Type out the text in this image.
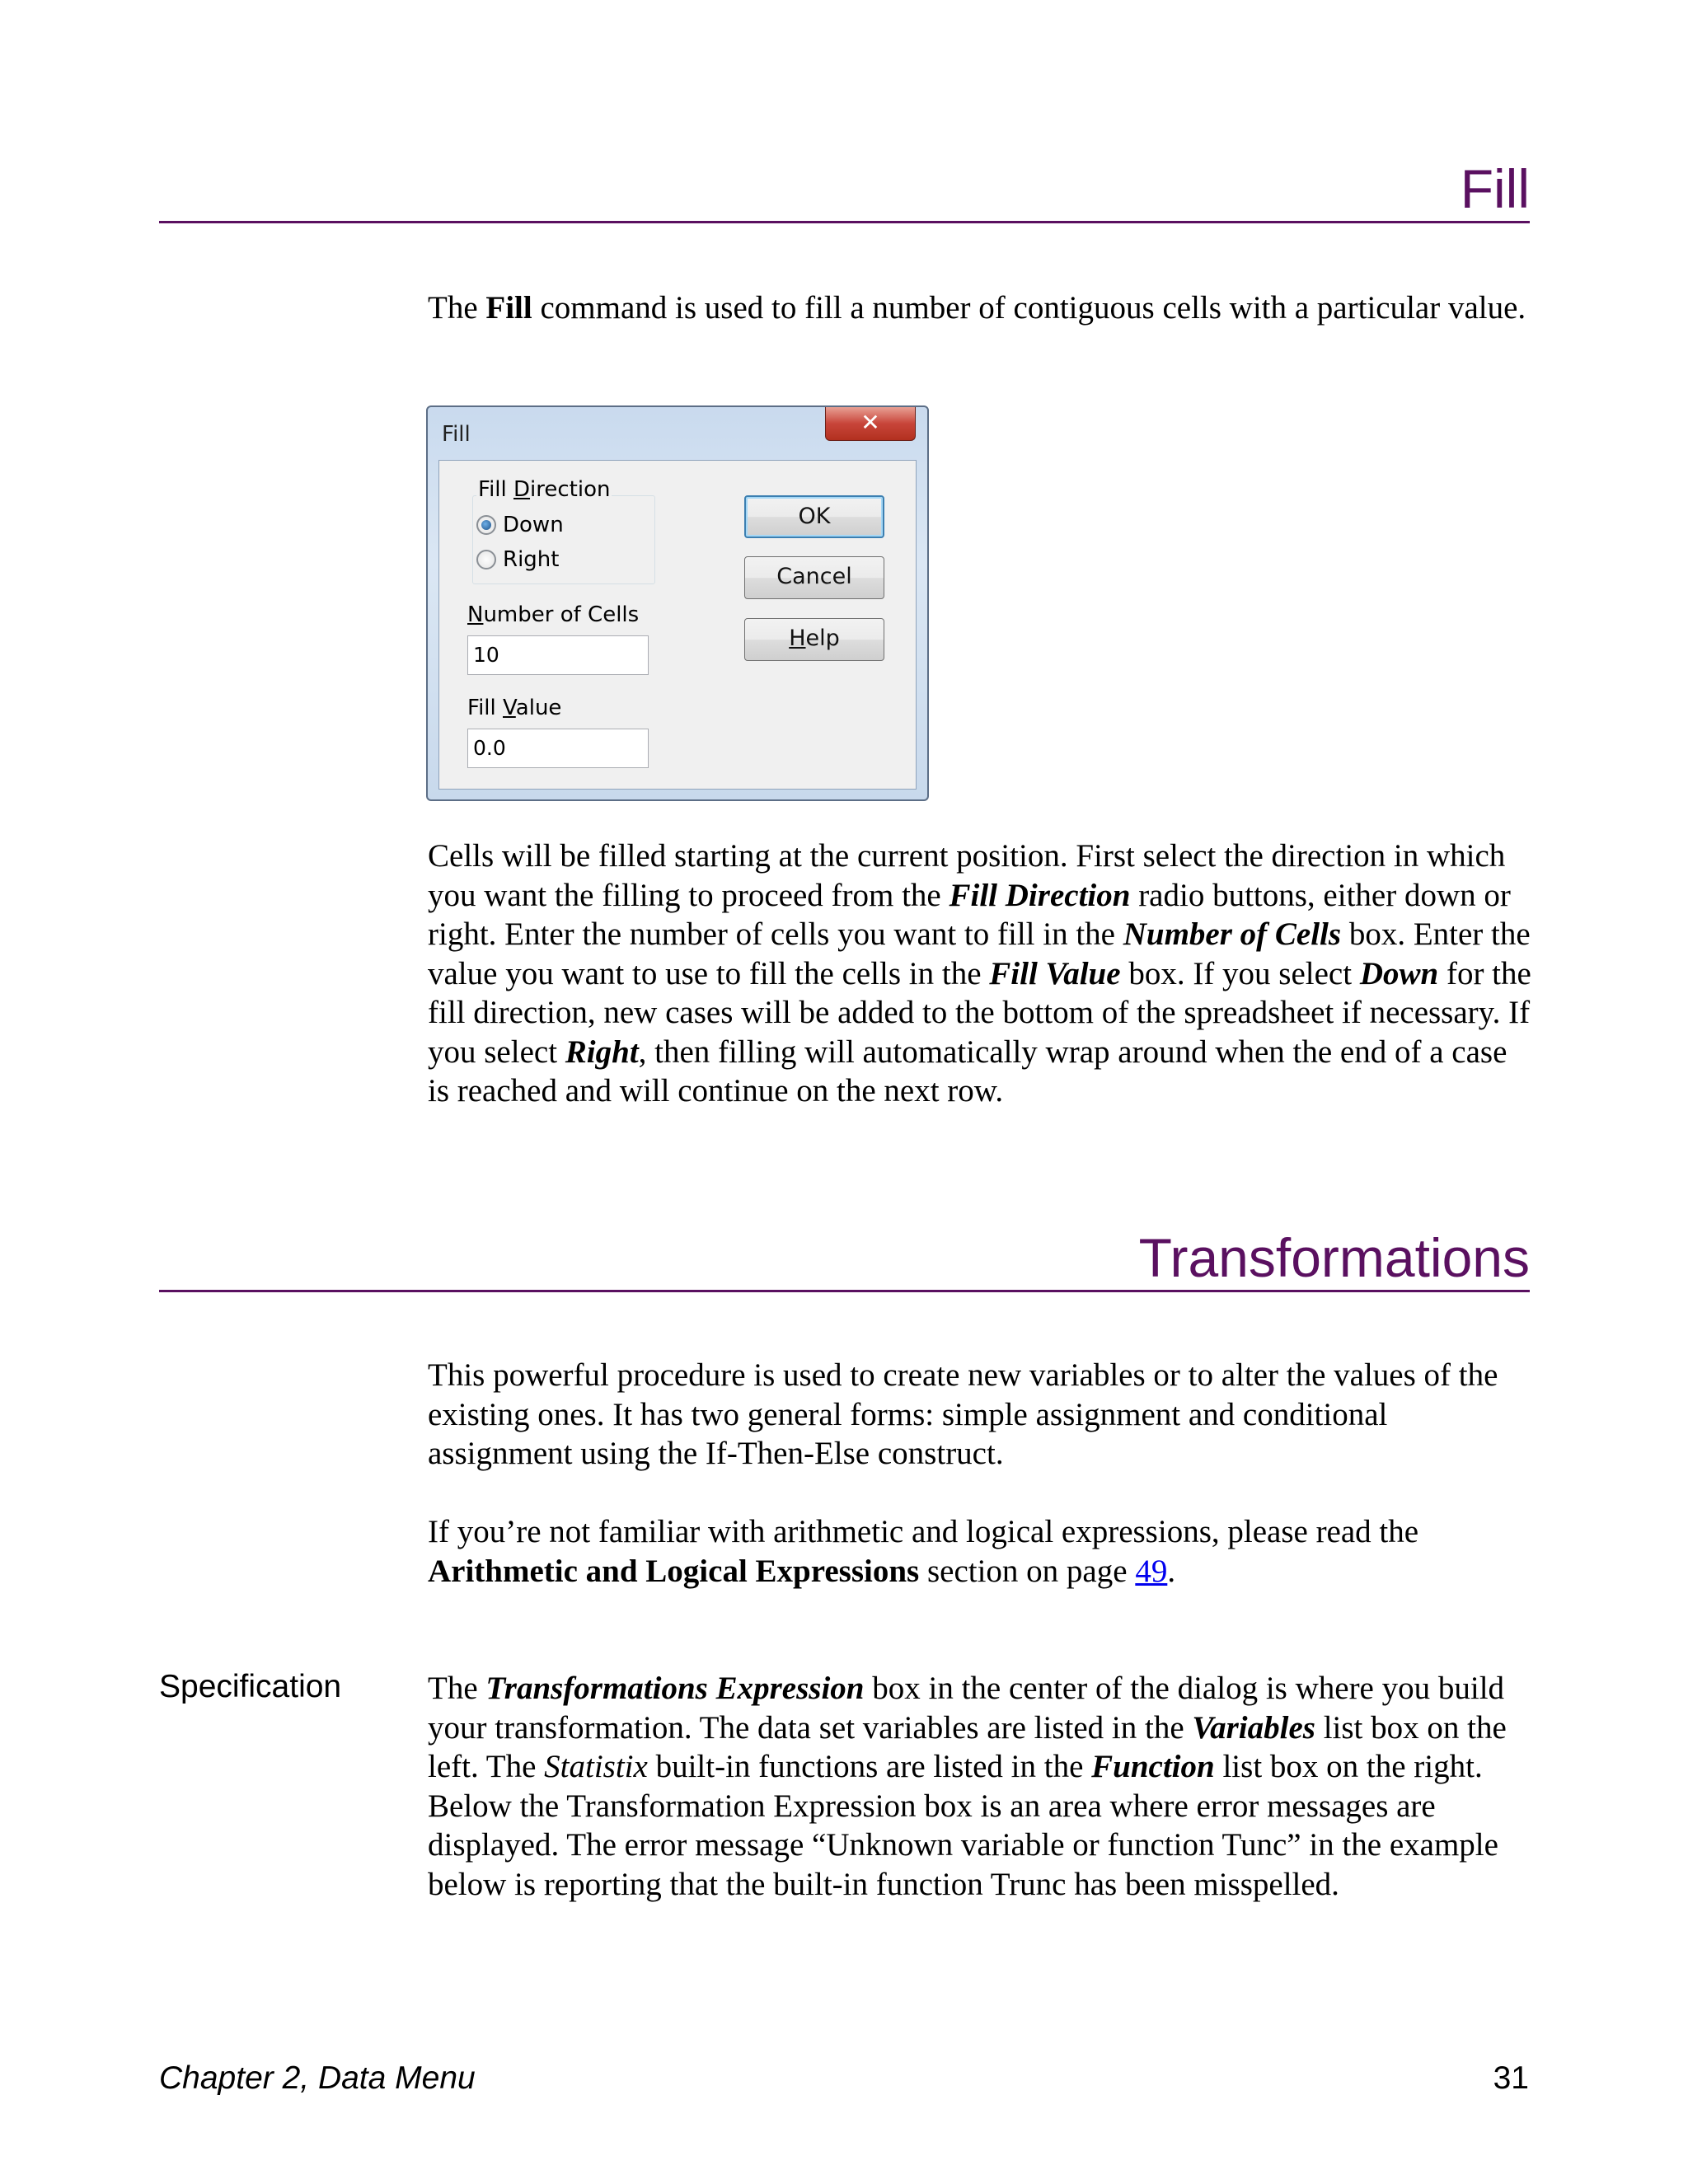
Fill
The Fill command is used to fill a number of contiguous cells with a particular value.
Fill	✕
Fill Direction
Down
Right
Number of Cells
10
Fill Value
0.0
OK
Cancel
Help
Cells will be filled starting at the current position. First select the direction in which you want the filling to proceed from the Fill Direction radio buttons, either down or right. Enter the number of cells you want to fill in the Number of Cells box. Enter the value you want to use to fill the cells in the Fill Value box. If you select Down for the fill direction, new cases will be added to the bottom of the spreadsheet if necessary. If you select Right, then filling will automatically wrap around when the end of a case is reached and will continue on the next row.
Transformations
This powerful procedure is used to create new variables or to alter the values of the existing ones. It has two general forms: simple assignment and conditional assignment using the If-Then-Else construct.
If you’re not familiar with arithmetic and logical expressions, please read the Arithmetic and Logical Expressions section on page 49.
Specification	The Transformations Expression box in the center of the dialog is where you build your transformation. The data set variables are listed in the Variables list box on the left. The Statistix built-in functions are listed in the Function list box on the right. Below the Transformation Expression box is an area where error messages are displayed. The error message “Unknown variable or function Tunc” in the example below is reporting that the built-in function Trunc has been misspelled.
Chapter 2, Data Menu	31
